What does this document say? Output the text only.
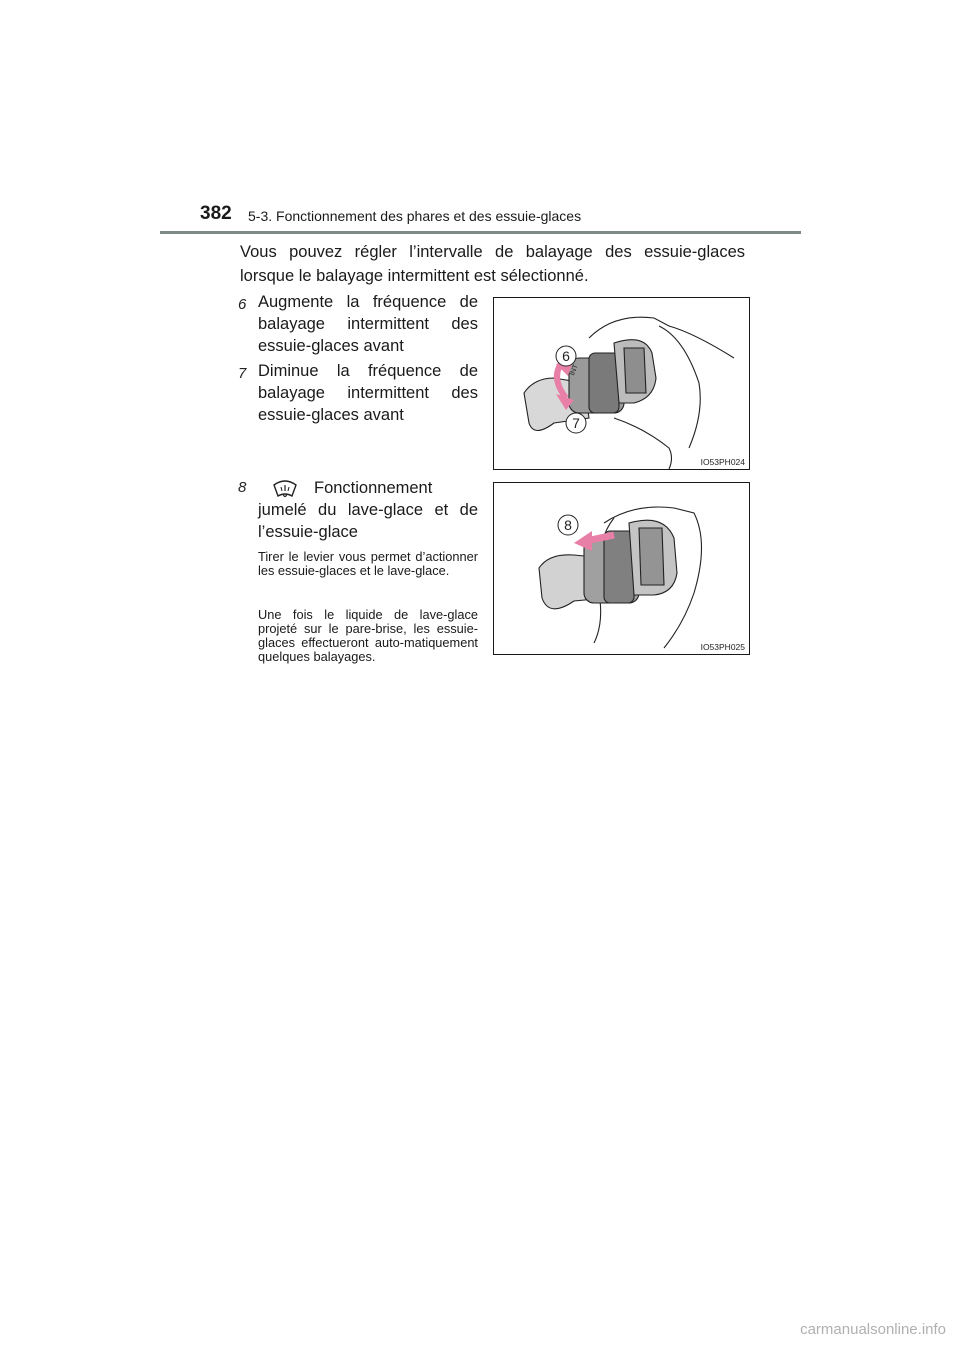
382 5-3. Fonctionnement des phares et des essuie-glaces
Vous pouvez régler l’intervalle de balayage des essuie-glaces lorsque le balayage intermittent est sélectionné.
6 Augmente la fréquence de balayage intermittent des essuie-glaces avant
7 Diminue la fréquence de balayage intermittent des essuie-glaces avant
8	Fonctionnement
jumelé du lave-glace et de l’essuie-glace
Tirer le levier vous permet d’actionner les essuie-glaces et le lave-glace.
Une fois le liquide de lave-glace projeté sur le pare-brise, les essuie-glaces effectueront auto-matiquement quelques balayages.
INT
6
7
IO53PH024
8
IO53PH025
carmanualsonline.info
